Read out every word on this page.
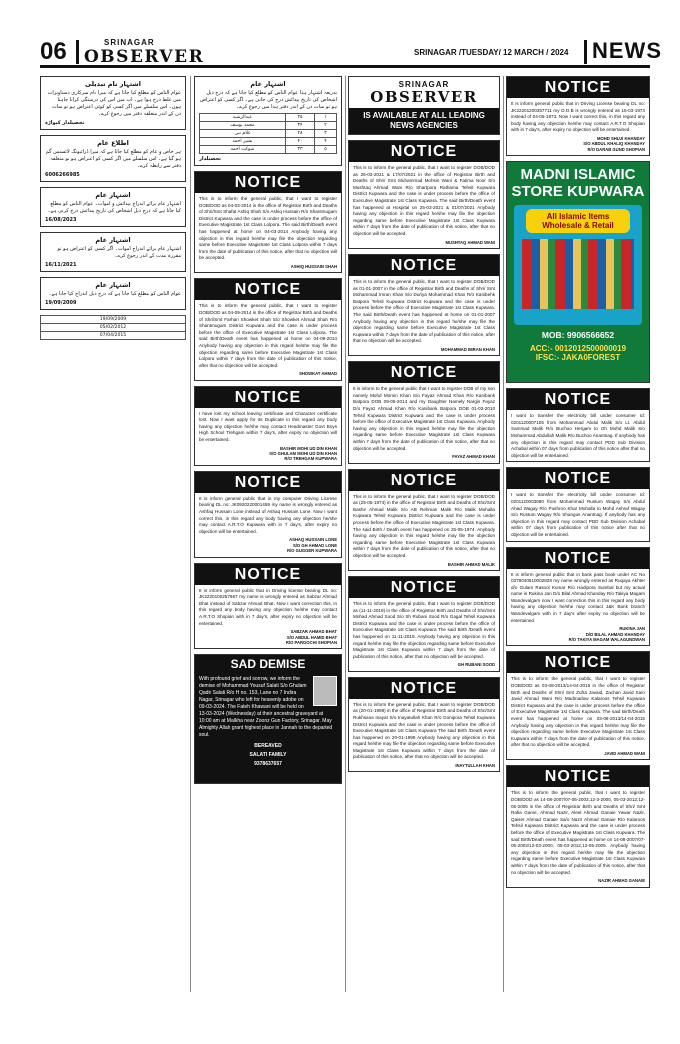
06	SRINAGAR
OBSERVER	SRINAGAR /TUESDAY/ 12 MARCH / 2024 NEWS
اشتہار نام تبدیلی
عوام الناس کو مطلع کیا جاتا ہے کہ میرا نام سرکاری دستاویزات میں غلط درج ہوا ہے۔ اب میں اس کی درستگی کرانا چاہتا ہوں۔ اس سلسلے میں اگر کسی کو کوئی اعتراض ہو تو سات دن کے اندر متعلقہ دفتر میں رجوع کرے۔
تحصیلدار کپواڑہ
اطلاع عام
ہر خاص و عام کو مطلع کیا جاتا ہے کہ میرا ڈرائیونگ لائسنس گم ہو گیا ہے۔ اس سلسلے میں اگر کسی کو اعتراض ہو تو متعلقہ دفتر سے رابطہ کرے۔
6006266985
اشتہار عام
اشتہار عام برائے اندراج پیدائش و اموات۔ عوام الناس کو مطلع کیا جاتا ہے کہ درج ذیل اشخاص کی تاریخ پیدائش درج کرنی ہے۔
16/08/2023
اشتہار عام
اشتہار عام برائے اندراج اموات۔ اگر کسی کو اعتراض ہو تو مقررہ مدت کے اندر رجوع کرے۔
16/11/2021
اشتہار عام
عوام الناس کو مطلع کیا جاتا ہے کہ درج ذیل اندراج کیا جانا ہے۔
19/09/2009
19/09/2009
05/02/2012
07/04/2015
اشتہار عام
بذریعہ اشتہار ہذا عوام الناس کو مطلع کیا جاتا ہے کہ درج ذیل اشخاص کی تاریخ پیدائش درج کی جانی ہے۔ اگر کسی کو اعتراض ہو تو سات دن کے اندر دفتر ہذا میں رجوع کرے۔
۱	۲۵	عبدالرشید
۲	۳۴	محمد یوسف
۳	۲۸	غلام نبی
۴	۴۰	بشیر احمد
۵	۳۳	شوکت احمد
تحصیلدار
NOTICE
This is to inform the general public, that I want to register DOB/DOD as 04-03-2014 in the office of Registrar Birth and Deaths of Shri/Smt Shafat Ashiq Shah S/o Ashiq Hussain R/o Shantmugam District Kupwara and the case is under process before the office of Executive Magistrate 1st Class Lolpora. The said Birth/Death event has happened at home on 04-03-2014 Anybody having any objection in this regard he/she may file the objection regarding same before Executive Magistrate 1st Class Lolpora within 7 days from the date of publication of this notice, after that no objection will be accepted.
ASHIQ HUSSAIN SHAH
NOTICE
This is to inform the general public, that I want to register DOB/DOD as 04-09-2014 in the office of Registrar Birth and Deaths of Shri/Smt Farhan Showket Shah S/o Showket Ahmad Shah R/o Shantmugam District Kupwara and the case is under process before the office of Executive Magistrate 1st Class Lolpora. The said Birth/Death event has happened at home on 04-09-2014 Anybody having any objection in this regard he/she may file the objection regarding same before Executive Magistrate 1st Class Lolpora within 7 days from the date of publication of this notice, after that no objection will be accepted.
SHOWKAT AHMAD
NOTICE
I have lost my school leaving certificate and Character certificate lost. Now I want apply for its Duplicate in this regard any body having any objection he/she may contact Headmaster Govt Boys High School Trehgam within 7 day's, after expiry no objection will be entertained.
BASHIR MOHI UD DIN KHAN
S/O GHULAM MOHI UD DIN KHAN
R/O TREHGAM KUPWARA
NOTICE
It is inform general public that in my computer Driving License bearing DL no: JK0920220001459 my name is wrongly entered as Ashfaq Hussain Lone instead of Ashaq Hussain Lone. Now I want correct this, in this regard any body having any objection he/she may contact A.R.T.O Kupwara with in 7 day's, after expiry no objection will be entertained.
ASHAQ HUSSAIN LONE
S/O GH AHMAD LONE
R/O GUGGER KUPWARA
NOTICE
It is inform general public that in Driving license bearing DL no: JK2220100257667 my name is wrongly entered as Sabzar Ahmad Bhat instead of Sabzar Ahmad Bhat. Now I want correction this, in this regard any body having any objection he/she may contact A.R.T.O Shopian with in 7 day's, after expiry no objection will be entertained.
SABZAR AHMAD BHAT
S/O ABDUL HAMID BHAT
R/O PARGOCHI SHOPIAN
SAD DEMISE
With profound grief and sorrow, we inform the demise of Mohammad Yousuf Salati S/o Ghulam Qadir Salati R/o H no. 153, Lane no 7 Indira Nagar, Srinagar who left for heavenly adobe on 09-03-2024. The Fateh Khawani will be held on 13-03-2024 (Wednesday) at their ancestral graveyard at 10:00 am at Malkha near Zoonz Gun Factory, Srinagar. May Almighty Allah grant highest place in Jannah to the departed soul.
BEREAVED
SALATI FAMILY
9378637657
SRINAGAR
OBSERVER
IS AVAILABLE AT ALL LEADING NEWS AGENCIES
NOTICE
This is to inform the general public, that I want to register DOB/DOD as 25-03-2021 & 17/07/2021 in the office of Registrar Birth and Deaths of Shri/ Smt Muhammad Mohsin Wani & Fatima Noor S/o Mushtaq Ahmad Wani R/o Shartpora Rathama Tehsil Kupwara District Kupwara and the case is under process before the office of Executive Magistrate 1st Class Kupwara. The said Birth/Death event has happened at Hospital on 25-03-2021 & 01/07/2021 Anybody having any objection in this regard he/she may file the objection regarding same before Executive Magistrate 1st Class Kupwara within 7 days from the date of publication of this notice, after that no objection will be accepted.
MUSHTAQ AHMAD WANI
NOTICE
This is to inform the general public, that I want to register DOB/DOD as 01-01-2007 in the office of Registrar Birth and Deaths of Shri/ Smt Mohammad Imran Khan S/o Duriya Mohammad Khan R/o Kanibehk Batpora Tehsil Kupwara District Kupwara and the case is under process before the office of Executive Magistrate 1st Class Kupwara. The said Birth/Death event has happened at home on 01-01-2007 Anybody having any objection in this regard he/she may file the objection regarding same before Executive Magistrate 1st Class Kupwara within 7 days from the date of publication of this notice, after that no objection will be accepted.
MOHAMMAD IMRAN KHAN
NOTICE
It is inform to the general public that I want to register DOB of my son namely Mohd Momin Khan S/o Fayaz Ahmad Khan R/o Kanibank Batpora DOB 09-05-2014 and my Daughter Namely Nargis Fayaz D/o Fayaz Ahmad Khan R/o Kanibank Batpora DOB 01-03-2010 Tehsil Kupwara District Kupwara and the case is under process before the office of Executive Magistrate 1st Class Kupwara. Anybody having any objection in this regard he/she may file the objection regarding same before Executive Magistrate 1st Class Kupwara within 7 days from the date of publication of this notice, after that no objection will be accepted.
FAYAZ AHMAD KHAN
NOTICE
This is to inform the general public, that I want to register DOB/DOD as (25-05-1974) in the office of Registrar Birth and Deaths of Shri/Smt Bashir Ahmad Malik S/o AB Rehman Malik R/o Malik Mohalla Kupwara Tehsil Kupwara District Kupwara and the case is under process before the office of Executive Magistrate 1st Class Kupwara. The said Birth / Death event has happened on 25-05-1974. Anybody having any objection in this regard he/she may file the objection regarding same before Executive Magistrate 1st Class Kupwara within 7 days from the date of publication of this notice, after that no objection will be accepted.
BASHIR AHMAD MALIK
NOTICE
This is to inform the general public, that I want to register DOB/DOD as (11-11-2019) in the office of Registrar Birth and Deaths of Shri/Smt Mohad Ahmad Sood S/o Sh Rubani Sood R/o Gagal Tehsil Kupwara District Kupwara and the case is under process before the office of Executive Magistrate 1st Class Kupwara The said Birth /Death event has happened on 11-11-2019. Anybody having any objection in this regard he/she may file the objection regarding same before Executive Magistrate 1st Class Kupwara within 7 days from the date of publication of this notice, after that no objection will be accepted.
GH RUBANI SOOD
NOTICE
This is to inform the general public, that I want to register DOB/DOD as (20-01-1998) in the office of Registrar Birth and Deaths of Shri/Smt Rukhsana Inayat S/o Inayatullah Khan R/o Gonipora Tehsil Kupwara District Kupwara and the case is under process before the office of Executive Magistrate 1st Class Kupwara The said Birth /Death event has happened on 20-01-1998 Anybody having any objection in this regard he/she may file the objection regarding same before Executive Magistrate 1st Class Kupwara within 7 days from the date of publication of this notice, after that no objection will be accepted.
INAYTULLAH KHAN
NOTICE
It is inform general public that in Driving License bearing DL no: JK22201200357711 my D.O.B is wrongly entered as 15-03-1974 instead of 04-05-1973. Now I want correct this, in this regard any body having any objection he/she may contact A.R.T.O Shopian with in 7 day's, after expiry no objection will be entertained.
MOHD SHUJI KHANDAY
S/O ABDUL KHALIQ KHANDAY
R/O DARAB GUND SHOPIAN
MADNI ISLAMIC STORE KUPWARA
All Islamic Items Wholesale & Retail
MOB: 9906566652
ACC:- 0012012500000019
IFSC:- JAKA0FOREST
NOTICE
I want to transfer the electricity bill under consumer Id: 0201120007105 from Mohammad Abdul Malik S/o Lt. Abdul Sammad Malik R/o Buchoo Hergam to Gh Mohd Malik S/o Mohammad Abdullah Malik R/o Buchoo Anantnag. If anybody has any objection in this regard may contact PDD Sub Division Achabal within 07 days from publication of this notice after that no objection will be entertained.
NOTICE
I want to transfer the electricity bill under consumer Id: 0201120003690 from Mohammad Rustum Wagay S/o Abdul Ahad Wagay R/o Pushroo Khar Mohalla to Mohd Ashraf Wagay S/o Rustum Wagay R/o Shangus Anantnag. If anybody has any objection in this regard may contact PDD Sub Division Achabal within 07 days from publication of this notice after that no objection will be entertained.
NOTICE
It is inform general public that in bank pass book under AC No 0379040510002828 my name wrongly entered as Ruqaya Akhter d/o Gulam Rasool Kumar R/o Hadipora Sumbal but my actual name is Rukina Jan D/o Bilal Ahmad Khanday R/o Takiya Magam Wandevalgam now I want correction this in this regard any body having any objection he/she may contact J&K Bank branch Wandevalgam with in 7 day's after expiry no objection will be entertained.
RUKINA JAN
D/O BILAL AHMAD KHANDAY
R/O TAKIYA MAGAM WALAGUNDWAN
NOTICE
This is to inform the general public, that I want to register DOB/DOD as 03-08-2013/14-04-2015 in the office of Registrar Birth and Deaths of Shri/ Smt Zufra Javaid, Zachan Javid Sa/o Javid Ahmad Wani R/o Madmadow Kalaroos Tehsil Kupwara District Kupwara and the case is under process before the office of Executive Magistrate 1st Class Kupwara. The said Birth/Death event has happened at home on 03-08-2013/14-04-2015 Anybody having any objection in this regard he/she may file the objection regarding same before Executive Magistrate 1st Class Kupwara within 7 days from the date of publication of this notice, after that no objection will be accepted.
JAVID AHMAD WANI
NOTICE
This is to inform the general public, that I want to register DOB/DOD as 14-08-2007/07-05-2003,12-3-2000, 05-03-2012,12-05-2005 in the office of Registrar Birth and Deaths of Shri/ Smt Rafia Ganie, Ahmad Nazir, Aleel Ahmad Ganaie Yawar Nazir, Qaiser Ahmad Ganaie Sa/o Nazir Ahmad Ganaie R/o Kalaroos Tehsil Kupwara District Kupwara and the case is under process before the office of Executive Magistrate 1st Class Kupwara. The said Birth/Death event has happened at home on 14-08-2007/07-05-2003/12-03-2000, 05-03-2012,12-05-2005. Anybody having any objection in this regard he/she may file the objection regarding same before Executive Magistrate 1st Class Kupwara within 7 days from the date of publication of this notice, after that no objection will be accepted.
NAZIR AHMAD GANAIE
